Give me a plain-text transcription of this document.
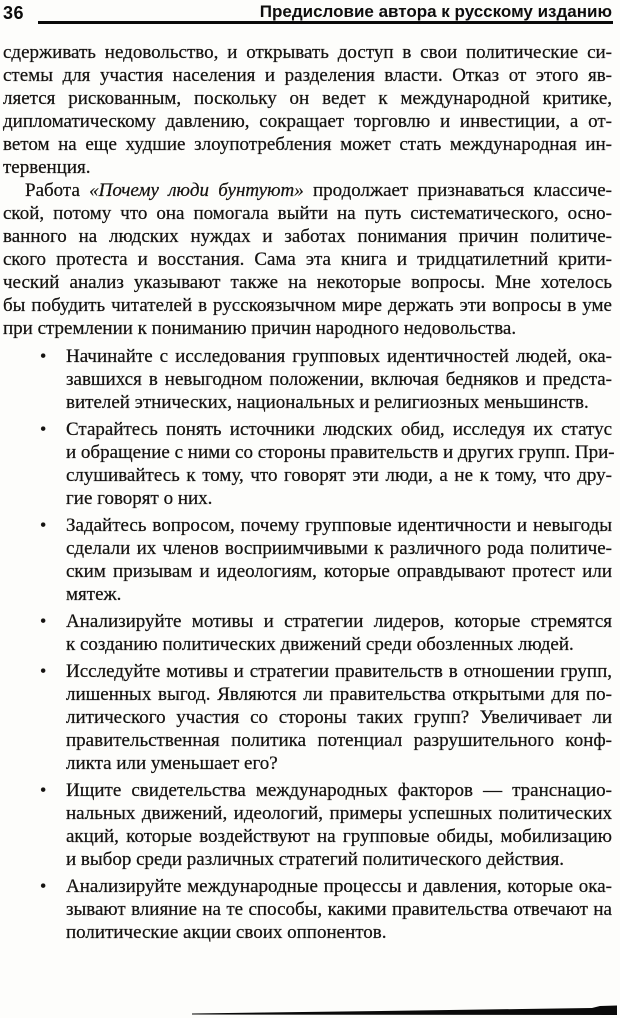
36	Предисловие автора к русскому изданию
сдерживать недовольство, и открывать доступ в свои политические си-
стемы для участия населения и разделения власти. Отказ от этого яв-
ляется рискованным, поскольку он ведет к международной критике,
дипломатическому давлению, сокращает торговлю и инвестиции, а от-
ветом на еще худшие злоупотребления может стать международная ин-
тервенция.
Работа «Почему люди бунтуют» продолжает признаваться классиче-
ской, потому что она помогала выйти на путь систематического, осно-
ванного на людских нуждах и заботах понимания причин политиче-
ского протеста и восстания. Сама эта книга и тридцатилетний крити-
ческий анализ указывают также на некоторые вопросы. Мне хотелось
бы побудить читателей в русскоязычном мире держать эти вопросы в уме
при стремлении к пониманию причин народного недовольства.
•	Начинайте с исследования групповых идентичностей людей, ока-
завшихся в невыгодном положении, включая бедняков и предста-
вителей этнических, национальных и религиозных меньшинств.
•	Старайтесь понять источники людских обид, исследуя их статус
и обращение с ними со стороны правительств и других групп. При-
слушивайтесь к тому, что говорят эти люди, а не к тому, что дру-
гие говорят о них.
•	Задайтесь вопросом, почему групповые идентичности и невыгоды
сделали их членов восприимчивыми к различного рода политиче-
ским призывам и идеологиям, которые оправдывают протест или
мятеж.
•	Анализируйте мотивы и стратегии лидеров, которые стремятся
к созданию политических движений среди обозленных людей.
•	Исследуйте мотивы и стратегии правительств в отношении групп,
лишенных выгод. Являются ли правительства открытыми для по-
литического участия со стороны таких групп? Увеличивает ли
правительственная политика потенциал разрушительного конф-
ликта или уменьшает его?
•	Ищите свидетельства международных факторов — транснацио-
нальных движений, идеологий, примеры успешных политических
акций, которые воздействуют на групповые обиды, мобилизацию
и выбор среди различных стратегий политического действия.
•	Анализируйте международные процессы и давления, которые ока-
зывают влияние на те способы, какими правительства отвечают на
политические акции своих оппонентов.
